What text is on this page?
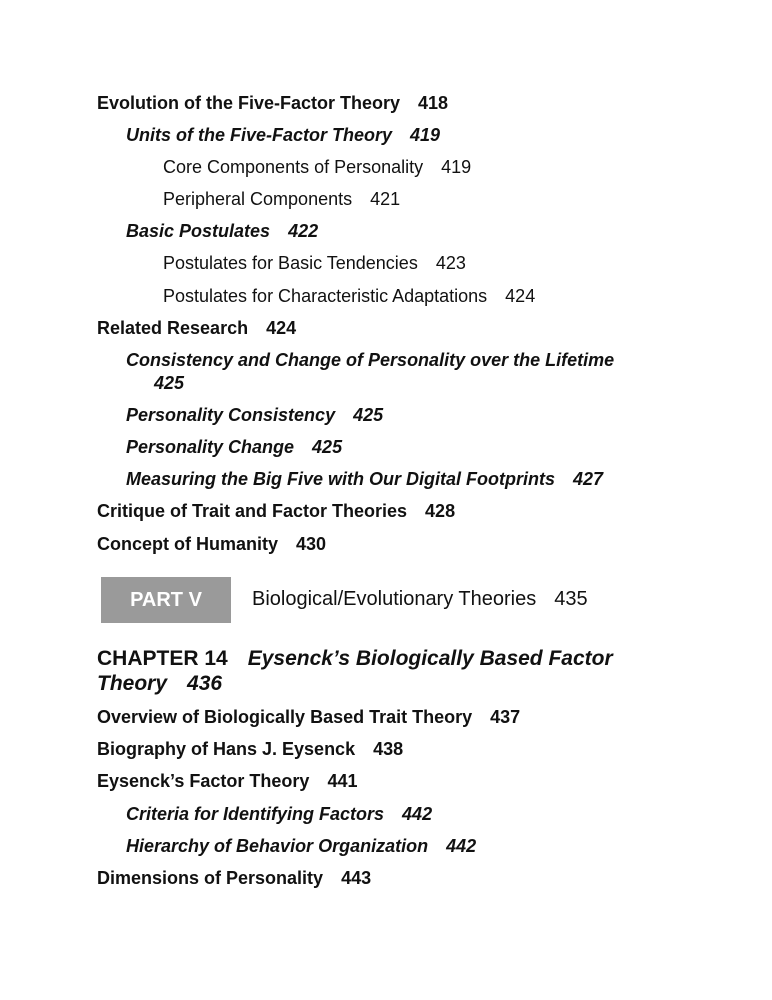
Evolution of the Five-Factor Theory 418
Units of the Five-Factor Theory 419
Core Components of Personality 419
Peripheral Components 421
Basic Postulates 422
Postulates for Basic Tendencies 423
Postulates for Characteristic Adaptations 424
Related Research 424
Consistency and Change of Personality over the Lifetime
425
Personality Consistency 425
Personality Change 425
Measuring the Big Five with Our Digital Footprints 427
Critique of Trait and Factor Theories 428
Concept of Humanity 430
PART V	Biological/Evolutionary Theories 435
CHAPTER 14 Eysenck’s Biologically Based Factor Theory 436
Overview of Biologically Based Trait Theory 437
Biography of Hans J. Eysenck 438
Eysenck’s Factor Theory 441
Criteria for Identifying Factors 442
Hierarchy of Behavior Organization 442
Dimensions of Personality 443
